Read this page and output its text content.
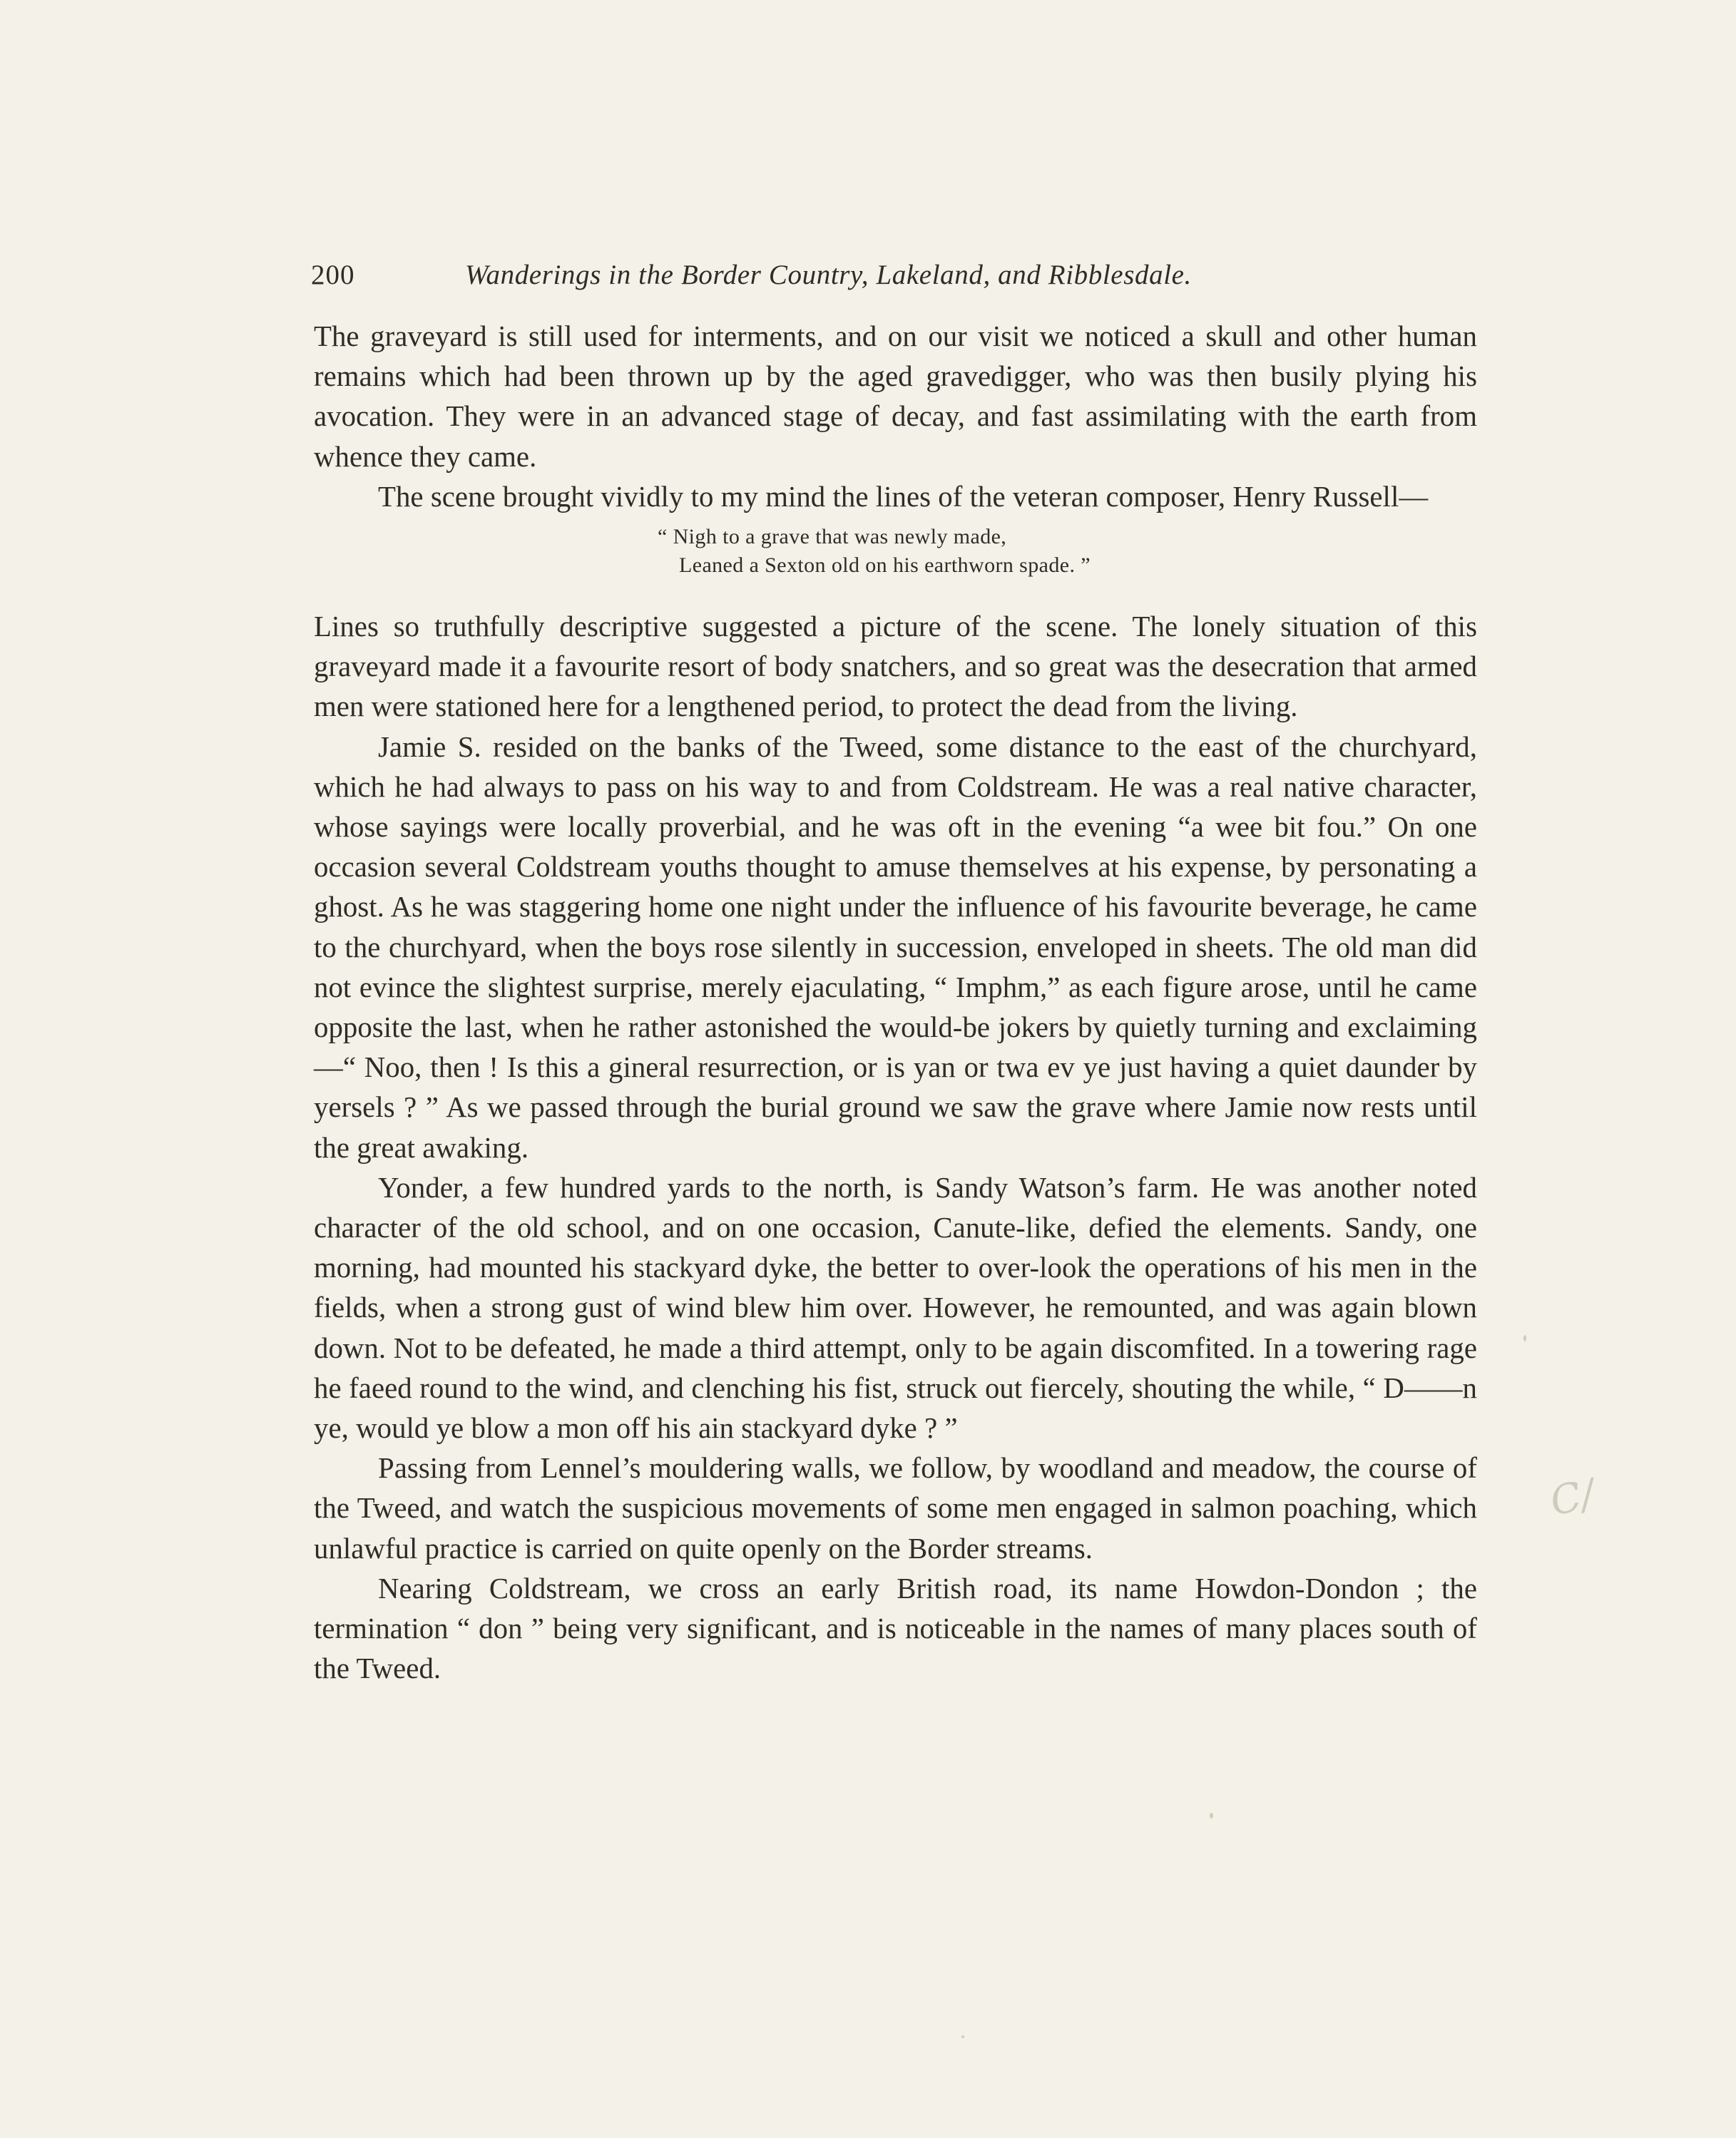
200	Wanderings in the Border Country, Lakeland, and Ribblesdale.

The graveyard is still used for interments, and on our visit we noticed a skull and other human remains which had been thrown up by the aged gravedigger, who was then busily plying his avocation. They were in an advanced stage of decay, and fast assimilating with the earth from whence they came.

The scene brought vividly to my mind the lines of the veteran composer, Henry Russell—

“ Nigh to a grave that was newly made,
Leaned a Sexton old on his earthworn spade. ”

Lines so truthfully descriptive suggested a picture of the scene. The lonely situation of this graveyard made it a favourite resort of body snatchers, and so great was the desecration that armed men were stationed here for a lengthened period, to protect the dead from the living.

Jamie S. resided on the banks of the Tweed, some distance to the east of the churchyard, which he had always to pass on his way to and from Coldstream. He was a real native character, whose sayings were locally proverbial, and he was oft in the evening “a wee bit fou.” On one occasion several Coldstream youths thought to amuse themselves at his expense, by personating a ghost. As he was staggering home one night under the influence of his favourite beverage, he came to the churchyard, when the boys rose silently in succession, enveloped in sheets. The old man did not evince the slightest surprise, merely ejaculating, “ Imphm,” as each figure arose, until he came opposite the last, when he rather astonished the would-be jokers by quietly turning and exclaiming—“ Noo, then ! Is this a gineral resurrection, or is yan or twa ev ye just having a quiet daunder by yersels ? ” As we passed through the burial ground we saw the grave where Jamie now rests until the great awaking.

Yonder, a few hundred yards to the north, is Sandy Watson’s farm. He was another noted character of the old school, and on one occasion, Canute-like, defied the elements. Sandy, one morning, had mounted his stackyard dyke, the better to over-look the operations of his men in the fields, when a strong gust of wind blew him over. However, he remounted, and was again blown down. Not to be defeated, he made a third attempt, only to be again discomfited. In a towering rage he faeed round to the wind, and clenching his fist, struck out fiercely, shouting the while, “ D——n ye, would ye blow a mon off his ain stackyard dyke ? ”

Passing from Lennel’s mouldering walls, we follow, by woodland and meadow, the course of the Tweed, and watch the suspicious movements of some men engaged in salmon poaching, which unlawful practice is carried on quite openly on the Border streams.

Nearing Coldstream, we cross an early British road, its name Howdon-Dondon ; the termination “ don ” being very significant, and is noticeable in the names of many places south of the Tweed.

C/
